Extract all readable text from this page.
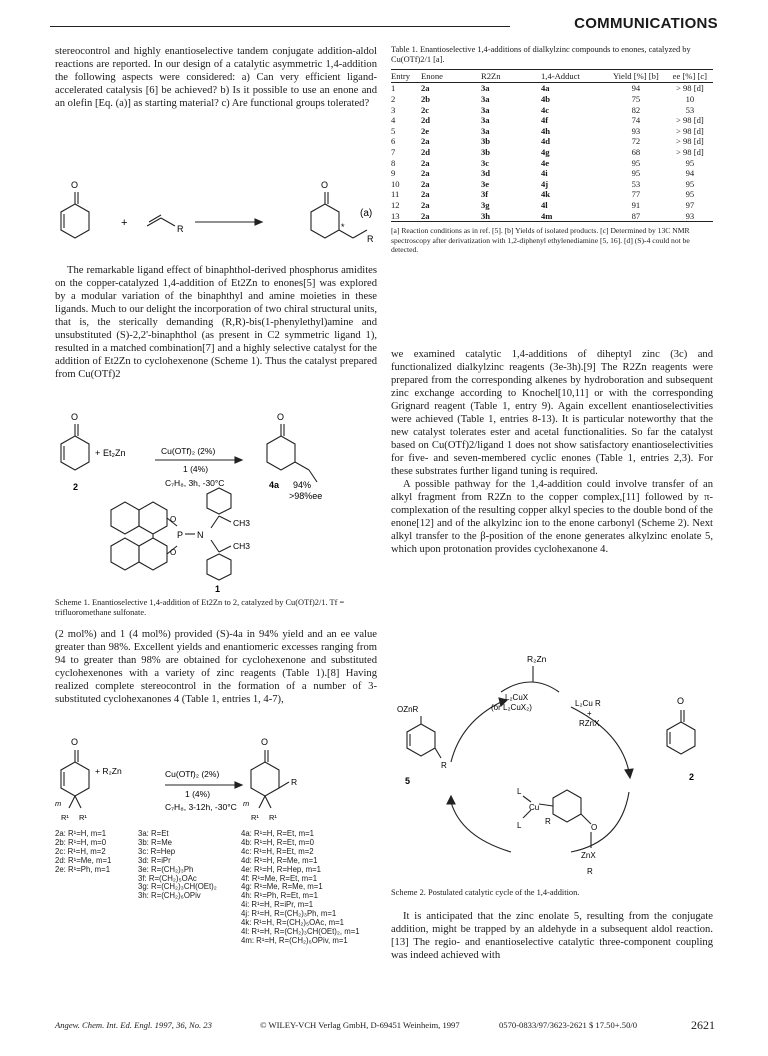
COMMUNICATIONS

stereocontrol and highly enantioselective tandem conjugate addition-aldol reactions are reported. In our design of a catalytic asymmetric 1,4-addition the following aspects were considered: a) Can very efficient ligand-accelerated catalysis [6] be achieved? b) Is it possible to use an enone and an olefin [Eq. (a)] as starting material? c) Are functional groups tolerated?

O
+	R
O
*
R
(a)

The remarkable ligand effect of binaphthol-derived phosphorus amidites on the copper-catalyzed 1,4-addition of Et2Zn to enones[5] was explored by a modular variation of the binaphthyl and amine moieties in these ligands. Much to our delight the incorporation of two chiral structural units, that is, the sterically demanding (R,R)-bis(1-phenylethyl)amine and unsubstituted (S)-2,2'-binaphthol (as present in C2 symmetric ligand 1), resulted in a matched combination[7] and a highly selective catalyst for the addition of Et2Zn to cyclohexenone (Scheme 1). Thus the catalyst prepared from Cu(OTf)2

O
+ Et₂Zn	Cu(OTf)₂ (2%)
1 (4%)
C₇H₈, 3h, -30°C
2
O
4a 94%
>98%ee
O
O
P N
CH3
CH3
1
Scheme 1. Enantioselective 1,4-addition of Et2Zn to 2, catalyzed by Cu(OTf)2/1. Tf = trifluoromethane sulfonate.

(2 mol%) and 1 (4 mol%) provided (S)-4a in 94% yield and an ee value greater than 98%. Excellent yields and enantiomeric excesses ranging from 94 to greater than 98% are obtained for cyclohexenone and substituted cyclohexenones with a variety of zinc reagents (Table 1).[8] Having realized complete stereocontrol in the formation of a number of 3-substituted cyclohexanones 4 (Table 1, entries 1, 4-7),

O
+ R₂Zn
m
R¹ R¹
Cu(OTf)₂ (2%)
1 (4%)
C₇H₈, 3-12h, -30°C
O
R
m
R¹ R¹
2a: R¹=H, m=1
2b: R¹=H, m=0
2c: R¹=H, m=2
2d: R¹=Me, m=1
2e: R¹=Ph, m=1
3a: R=Et
3b: R=Me
3c: R=Hep
3d: R=iPr
3e: R=(CH₂)₃Ph
3f: R=(CH₂)₅OAc
3g: R=(CH₂)₃CH(OEt)₂
3h: R=(CH₂)₆OPiv
4a: R¹=H, R=Et, m=1
4b: R¹=H, R=Et, m=0
4c: R¹=H, R=Et, m=2
4d: R¹=H, R=Me, m=1
4e: R¹=H, R=Hep, m=1
4f: R¹=Me, R=Et, m=1
4g: R¹=Me, R=Me, m=1
4h: R¹=Ph, R=Et, m=1
4i: R¹=H, R=iPr, m=1
4j: R¹=H, R=(CH₂)₃Ph, m=1
4k: R¹=H, R=(CH₂)₅OAc, m=1
4l: R¹=H, R=(CH₂)₃CH(OEt)₂, m=1
4m: R¹=H, R=(CH₂)₆OPiv, m=1
Table 1. Enantioselective 1,4-additions of dialkylzinc compounds to enones, catalyzed by Cu(OTf)2/1 [a].
Entry	Enone	R2Zn	1,4-Adduct	Yield [%] [b]	ee [%] [c]
1	2a	3a	4a	94	> 98 [d]
2	2b	3a	4b	75	10
3	2c	3a	4c	82	53
4	2d	3a	4f	74	> 98 [d]
5	2e	3a	4h	93	> 98 [d]
6	2a	3b	4d	72	> 98 [d]
7	2d	3b	4g	68	> 98 [d]
8	2a	3c	4e	95	95
9	2a	3d	4i	95	94
10	2a	3e	4j	53	95
11	2a	3f	4k	77	95
12	2a	3g	4l	91	97
13	2a	3h	4m	87	93
[a] Reaction conditions as in ref. [5]. [b] Yields of isolated products. [c] Determined by 13C NMR spectroscopy after derivatization with 1,2-diphenyl ethylenediamine [5, 16]. [d] (S)-4 could not be detected.

we examined catalytic 1,4-additions of diheptyl zinc (3c) and functionalized dialkylzinc reagents (3e-3h).[9] The R2Zn reagents were prepared from the corresponding alkenes by hydroboration and subsequent zinc exchange according to Knochel[10,11] or with the corresponding Grignard reagent (Table 1, entry 9). Again excellent enantioselectivities were achieved (Table 1, entries 8-13). It is particular noteworthy that the new catalyst tolerates ester and acetal functionalities. So far the catalyst based on Cu(OTf)2/ligand 1 does not show satisfactory enantioselectivities for five- and seven-membered cyclic enones (Table 1, entries 2,3). For these substrates further ligand tuning is required.

A possible pathway for the 1,4-addition could involve transfer of an alkyl fragment from R2Zn to the copper complex,[11] followed by π-complexation of the resulting copper alkyl species to the double bond of the enone[12] and of the alkylzinc ion to the enone carbonyl (Scheme 2). Next alkyl transfer to the β-position of the enone generates alkylzinc enolate 5, which upon protonation provides cyclohexanone 4.

R₂Zn
L₂CuX
(or L₂CuX₂)	L₂Cu R
+
RZnX
OZnR
R
5
O
2
L
L
Cu
R
O
ZnX
R
Scheme 2. Postulated catalytic cycle of the 1,4-addition.

It is anticipated that the zinc enolate 5, resulting from the conjugate addition, might be trapped by an aldehyde in a subsequent aldol reaction.[13] The regio- and enantioselective catalytic three-component coupling was indeed achieved with

Angew. Chem. Int. Ed. Engl. 1997, 36, No. 23	© WILEY-VCH Verlag GmbH, D-69451 Weinheim, 1997	0570-0833/97/3623-2621 $ 17.50+.50/0	2621
